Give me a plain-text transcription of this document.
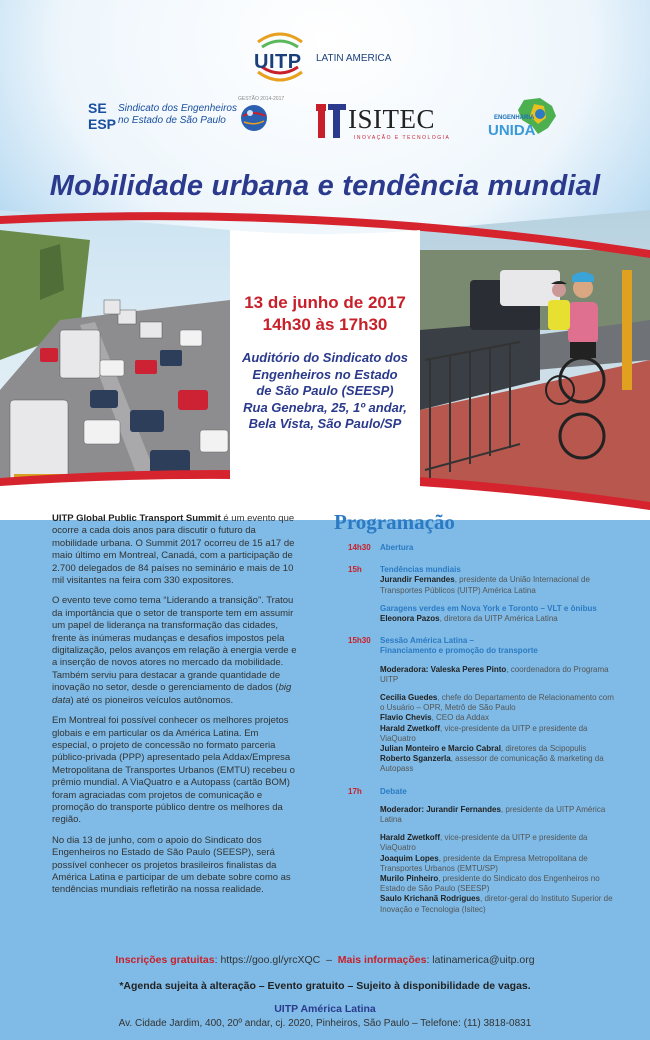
UITP LATIN AMERICA
SE
ESP
Sindicato dos Engenheiros
no Estado de São Paulo
GESTÃO 2014-2017
ISITEC
INOVAÇÃO E TECNOLOGIA
ENGENHARIA
UNIDA
Mobilidade urbana e tendência mundial
13 de junho de 2017
14h30 às 17h30
Auditório do Sindicato dos
Engenheiros no Estado
de São Paulo (SEESP)
Rua Genebra, 25, 1º andar,
Bela Vista, São Paulo/SP

UITP Global Public Transport Summit é um evento que ocorre a cada dois anos para discutir o futuro da mobilidade urbana. O Summit 2017 ocorreu de 15 a17 de maio último em Montreal, Canadá, com a participação de 2.700 delegados de 84 países no seminário e mais de 10 mil visitantes na feira com 330 expositores.

O evento teve como tema “Liderando a transição”. Tratou da importância que o setor de transporte tem em assumir um papel de liderança na transformação das cidades, frente às inúmeras mudanças e desafios impostos pela digitalização, pelos avanços em relação à energia verde e a inserção de novos atores no mercado da mobilidade. Também serviu para destacar a grande quantidade de inovação no setor, desde o gerenciamento de dados (big data) até os pioneiros veículos autônomos.

Em Montreal foi possível conhecer os melhores projetos globais e em particular os da América Latina. Em especial, o projeto de concessão no formato parceria público-privada (PPP) apresentado pela Addax/Empresa Metropolitana de Transportes Urbanos (EMTU) recebeu o prêmio mundial. A ViaQuatro e a Autopass (cartão BOM) foram agraciadas com projetos de comunicação e promoção do transporte público dentre os melhores da região.

No dia 13 de junho, com o apoio do Sindicato dos Engenheiros no Estado de São Paulo (SEESP), será possível conhecer os projetos brasileiros finalistas da América Latina e participar de um debate sobre como as tendências mundiais refletirão na nossa realidade.

Programação
14h30 Abertura
15h Tendências mundiais
Jurandir Fernandes, presidente da União Internacional de Transportes Públicos (UITP) América Latina
Garagens verdes em Nova York e Toronto – VLT e ônibus
Eleonora Pazos, diretora da UITP América Latina
15h30 Sessão América Latina –
Financiamento e promoção do transporte
Moderadora: Valeska Peres Pinto, coordenadora do Programa UITP
Cecilia Guedes, chefe do Departamento de Relacionamento com o Usuário – OPR, Metrô de São Paulo
Flavio Chevis, CEO da Addax
Harald Zwetkoff, vice-presidente da UITP e presidente da ViaQuatro
Julian Monteiro e Marcio Cabral, diretores da Scipopulis
Roberto Sganzerla, assessor de comunicação & marketing da Autopass
17h Debate
Moderador: Jurandir Fernandes, presidente da UITP América Latina
Harald Zwetkoff, vice-presidente da UITP e presidente da ViaQuatro
Joaquim Lopes, presidente da Empresa Metropolitana de Transportes Urbanos (EMTU/SP)
Murilo Pinheiro, presidente do Sindicato dos Engenheiros no Estado de São Paulo (SEESP)
Saulo Krichanã Rodrigues, diretor-geral do Instituto Superior de Inovação e Tecnologia (Isitec)
Inscrições gratuitas: https://goo.gl/yrcXQC  –  Mais informações: latinamerica@uitp.org
*Agenda sujeita à alteração – Evento gratuito – Sujeito à disponibilidade de vagas.
UITP América Latina
Av. Cidade Jardim, 400, 20º andar, cj. 2020, Pinheiros, São Paulo – Telefone: (11) 3818-0831
